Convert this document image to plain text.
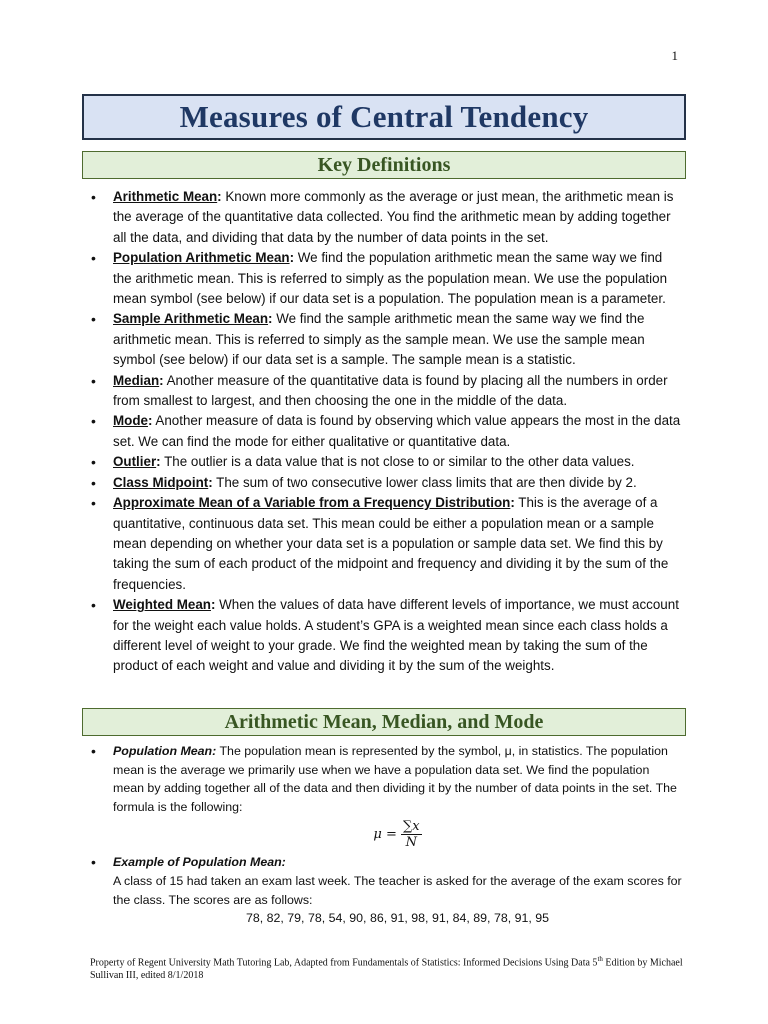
1
Measures of Central Tendency
Key Definitions
• Arithmetic Mean: Known more commonly as the average or just mean, the arithmetic mean is the average of the quantitative data collected. You find the arithmetic mean by adding together all the data, and dividing that data by the number of data points in the set.
• Population Arithmetic Mean: We find the population arithmetic mean the same way we find the arithmetic mean. This is referred to simply as the population mean. We use the population mean symbol (see below) if our data set is a population. The population mean is a parameter.
• Sample Arithmetic Mean: We find the sample arithmetic mean the same way we find the arithmetic mean. This is referred to simply as the sample mean. We use the sample mean symbol (see below) if our data set is a sample. The sample mean is a statistic.
• Median: Another measure of the quantitative data is found by placing all the numbers in order from smallest to largest, and then choosing the one in the middle of the data.
• Mode: Another measure of data is found by observing which value appears the most in the data set. We can find the mode for either qualitative or quantitative data.
• Outlier: The outlier is a data value that is not close to or similar to the other data values.
• Class Midpoint: The sum of two consecutive lower class limits that are then divide by 2.
• Approximate Mean of a Variable from a Frequency Distribution: This is the average of a quantitative, continuous data set. This mean could be either a population mean or a sample mean depending on whether your data set is a population or sample data set. We find this by taking the sum of each product of the midpoint and frequency and dividing it by the sum of the frequencies.
• Weighted Mean: When the values of data have different levels of importance, we must account for the weight each value holds. A student’s GPA is a weighted mean since each class holds a different level of weight to your grade. We find the weighted mean by taking the sum of the product of each weight and value and dividing it by the sum of the weights.
Arithmetic Mean, Median, and Mode
• Population Mean: The population mean is represented by the symbol, μ, in statistics. The population mean is the average we primarily use when we have a population data set. We find the population mean by adding together all of the data and then dividing it by the number of data points in the set. The formula is the following:
$\mu = \frac{\sum x}{N}$
• Example of Population Mean:
A class of 15 had taken an exam last week. The teacher is asked for the average of the exam scores for the class. The scores are as follows:
78, 82, 79, 78, 54, 90, 86, 91, 98, 91, 84, 89, 78, 91, 95
Property of Regent University Math Tutoring Lab, Adapted from Fundamentals of Statistics: Informed Decisions Using Data 5th Edition by Michael Sullivan III, edited 8/1/2018
